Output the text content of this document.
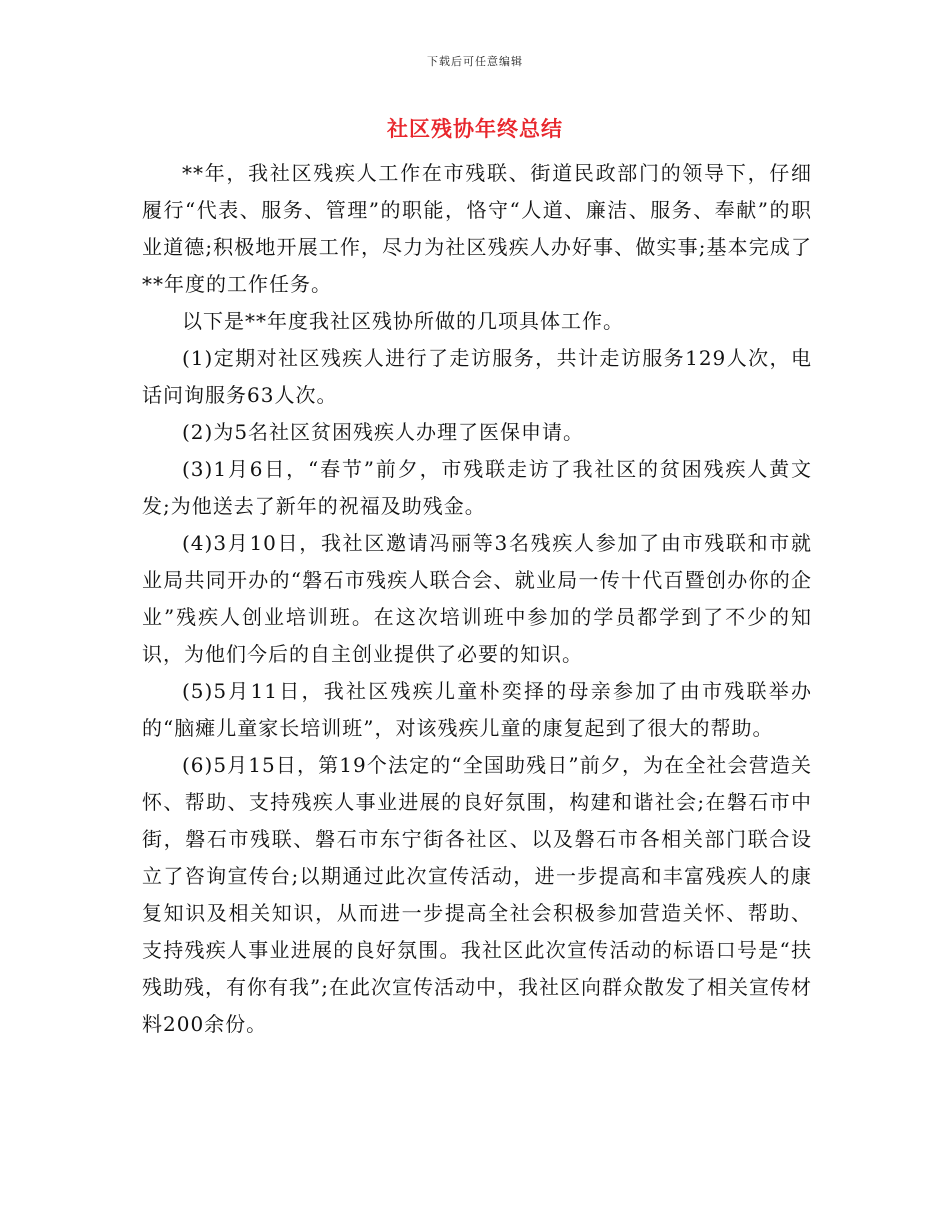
下载后可任意编辑
社区残协年终总结

**年，我社区残疾人工作在市残联、街道民政部门的领导下，仔细履行“代表、服务、管理”的职能，恪守“人道、廉洁、服务、奉献”的职业道德;积极地开展工作，尽力为社区残疾人办好事、做实事;基本完成了**年度的工作任务。

以下是**年度我社区残协所做的几项具体工作。

(1)定期对社区残疾人进行了走访服务，共计走访服务129人次，电话问询服务63人次。

(2)为5名社区贫困残疾人办理了医保申请。

(3)1月6日，“春节”前夕，市残联走访了我社区的贫困残疾人黄文发;为他送去了新年的祝福及助残金。

(4)3月10日，我社区邀请冯丽等3名残疾人参加了由市残联和市就业局共同开办的“磐石市残疾人联合会、就业局一传十代百暨创办你的企业”残疾人创业培训班。在这次培训班中参加的学员都学到了不少的知识，为他们今后的自主创业提供了必要的知识。

(5)5月11日，我社区残疾儿童朴奕择的母亲参加了由市残联举办的“脑瘫儿童家长培训班”，对该残疾儿童的康复起到了很大的帮助。

(6)5月15日，第19个法定的“全国助残日”前夕，为在全社会营造关怀、帮助、支持残疾人事业进展的良好氛围，构建和谐社会;在磐石市中街，磐石市残联、磐石市东宁街各社区、以及磐石市各相关部门联合设立了咨询宣传台;以期通过此次宣传活动，进一步提高和丰富残疾人的康复知识及相关知识，从而进一步提高全社会积极参加营造关怀、帮助、支持残疾人事业进展的良好氛围。我社区此次宣传活动的标语口号是“扶残助残，有你有我”;在此次宣传活动中，我社区向群众散发了相关宣传材料200余份。
